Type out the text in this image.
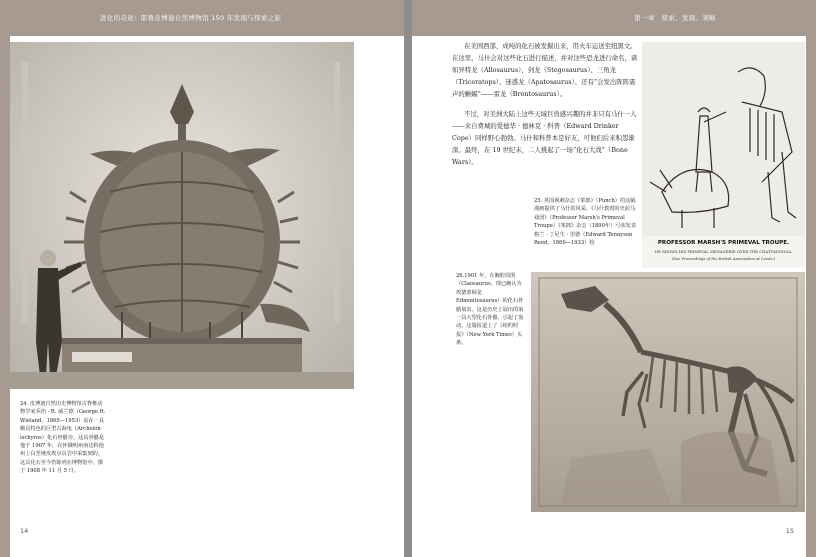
进化的奇迹：耶鲁皮博迪自然博物馆 150 年发现与探索之旅
24. 皮博迪自然历史博物馆古脊椎动物学家乔治 · R. 威兰德（George R. Wieland，1865—1953）站在一具颇具特色的巨型古海龟（Archelon ischyros）化石骨骼旁。这具骨骼是他于 1907 年，在怀俄明州南达科他州上白垩统皮埃尔页岩中采集到的。这具化石至今仍陈列在博物馆中，摄于 1908 年 11 月 5 日。
14
第一章　探索、发现、领略

在美国西部，成吨的化石被发掘出来，用火车运送至纽黑文。在这里，马什会对这些化石进行描述，并对这些恐龙进行命名，诸如异特龙（Allosaurus）、剑龙（Stegosaurus）、三角龙（Triceratops）、迷惑龙（Apatosaurus）、还有“会发出阵阵震声的蜥蜴”——雷龙（Brontosaurus）。

不过，对美洲大陆上这些天域巨兽感兴趣的并非只有马什一人——来自费城的爱德华 · 德林克 · 科普（Edward Drinker Cope）同样野心勃勃。马什和科普本是好友，可他们后来积怨渐深。最终，在 19 世纪末，二人挑起了一场“化石大战”（Bone Wars）。

PROFESSOR MARSH'S PRIMEVAL TROUPE.
HE SHOWS HIS PRIMEVAL MENAGERIE OVER THE CHATTANOOGA.
(See Proceedings of the British Association at Leeds.)
25. 英国讽刺杂志《笨拙》（Punch）的这幅漫画提供了马什的风采。《马什教授的史前马戏团》（Professor Marsh's Primeval Troupe）《笨拙》杂志（1890年）弓弦发表格兰 · 丁尼生 · 里德（Edward Tennyson Reed，1860—1933）绘
26.1901 年，在胸腔周围（Claosaurus，现已确认为埃德蒙顿龙 Edmontosaurus）的化石骨骼展出。这是历史上展出的第一具大型化石骨骼，引起了轰动。这篇报道上了《纽约时报》（New York Times）头条。
15
